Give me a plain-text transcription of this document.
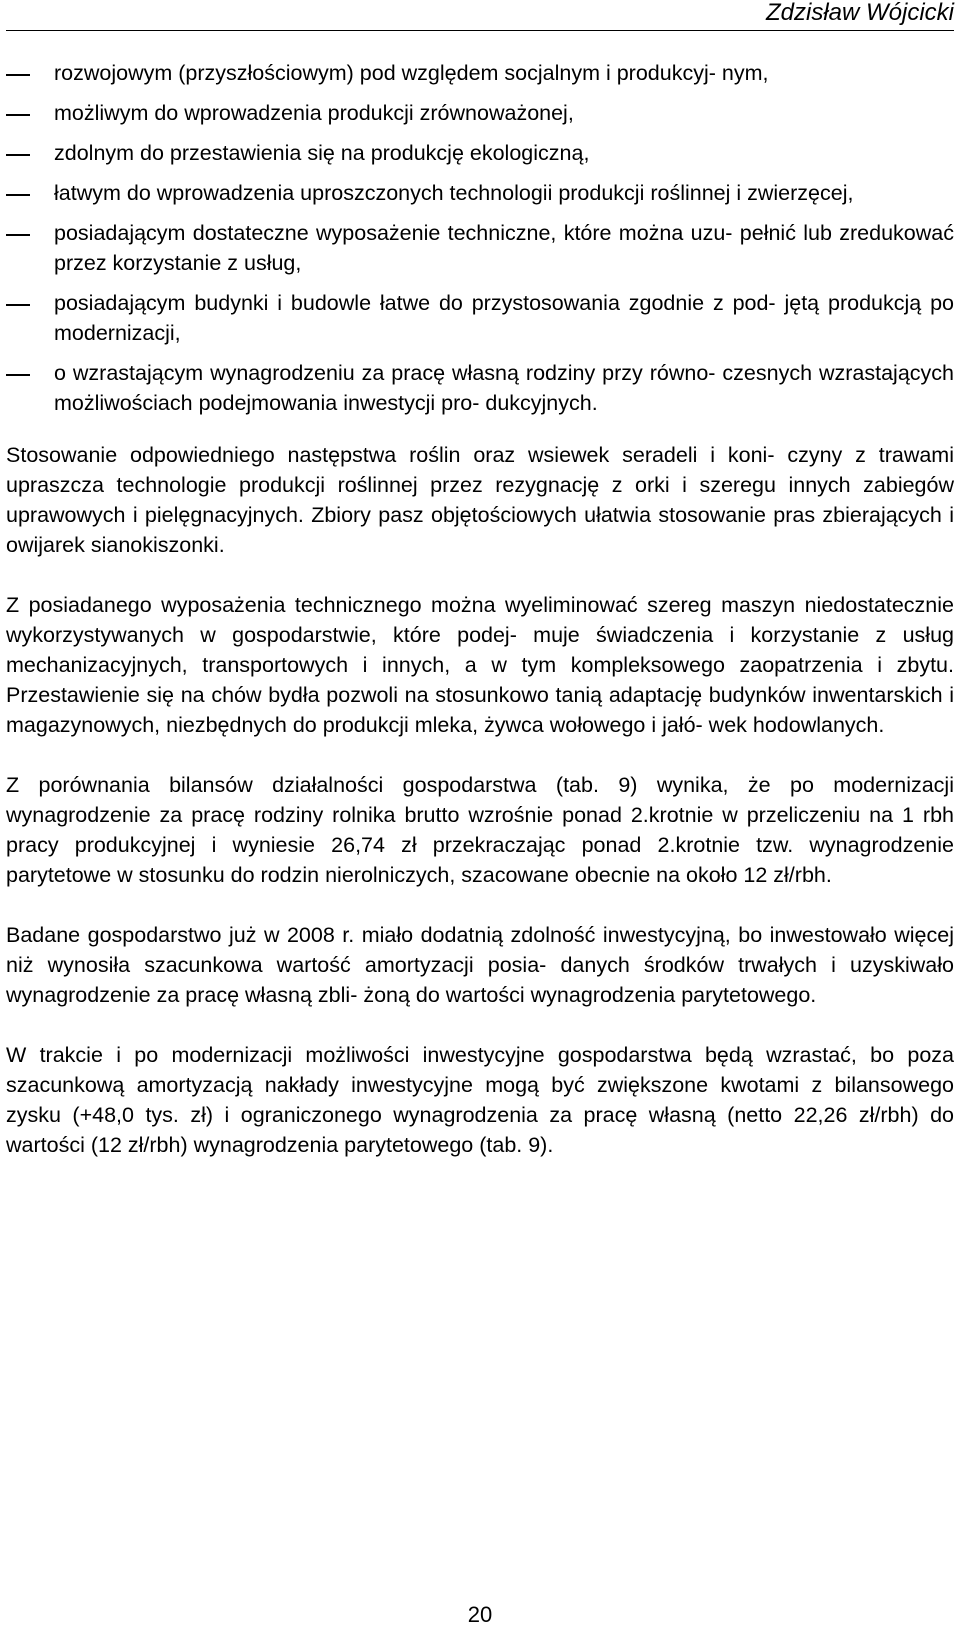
Zdzisław Wójcicki
rozwojowym (przyszłościowym) pod względem socjalnym i produkcyj- nym,
możliwym do wprowadzenia produkcji zrównoważonej,
zdolnym do przestawienia się na produkcję ekologiczną,
łatwym do wprowadzenia uproszczonych technologii produkcji roślinnej i zwierzęcej,
posiadającym dostateczne wyposażenie techniczne, które można uzu- pełnić lub zredukować przez korzystanie z usług,
posiadającym budynki i budowle łatwe do przystosowania zgodnie z pod- jętą produkcją po modernizacji,
o wzrastającym wynagrodzeniu za pracę własną rodziny przy równo- czesnych wzrastających możliwościach podejmowania inwestycji pro- dukcyjnych.

Stosowanie odpowiedniego następstwa roślin oraz wsiewek seradeli i koni- czyny z trawami upraszcza technologie produkcji roślinnej przez rezygnację z orki i szeregu innych zabiegów uprawowych i pielęgnacyjnych. Zbiory pasz objętościowych ułatwia stosowanie pras zbierających i owijarek sianokiszonki.

Z posiadanego wyposażenia technicznego można wyeliminować szereg maszyn niedostatecznie wykorzystywanych w gospodarstwie, które podej- muje świadczenia i korzystanie z usług mechanizacyjnych, transportowych i innych, a w tym kompleksowego zaopatrzenia i zbytu. Przestawienie się na chów bydła pozwoli na stosunkowo tanią adaptację budynków inwentarskich i magazynowych, niezbędnych do produkcji mleka, żywca wołowego i jałó- wek hodowlanych.

Z porównania bilansów działalności gospodarstwa (tab. 9) wynika, że po modernizacji wynagrodzenie za pracę rodziny rolnika brutto wzrośnie ponad 2.krotnie w przeliczeniu na 1 rbh pracy produkcyjnej i wyniesie 26,74 zł przekraczając ponad 2.krotnie tzw. wynagrodzenie parytetowe w stosunku do rodzin nierolniczych, szacowane obecnie na około 12 zł/rbh.

Badane gospodarstwo już w 2008 r. miało dodatnią zdolność inwestycyjną, bo inwestowało więcej niż wynosiła szacunkowa wartość amortyzacji posia- danych środków trwałych i uzyskiwało wynagrodzenie za pracę własną zbli- żoną do wartości wynagrodzenia parytetowego.

W trakcie i po modernizacji możliwości inwestycyjne gospodarstwa będą wzrastać, bo poza szacunkową amortyzacją nakłady inwestycyjne mogą być zwiększone kwotami z bilansowego zysku (+48,0 tys. zł) i ograniczonego wynagrodzenia za pracę własną (netto 22,26 zł/rbh) do wartości (12 zł/rbh) wynagrodzenia parytetowego (tab. 9).

20
